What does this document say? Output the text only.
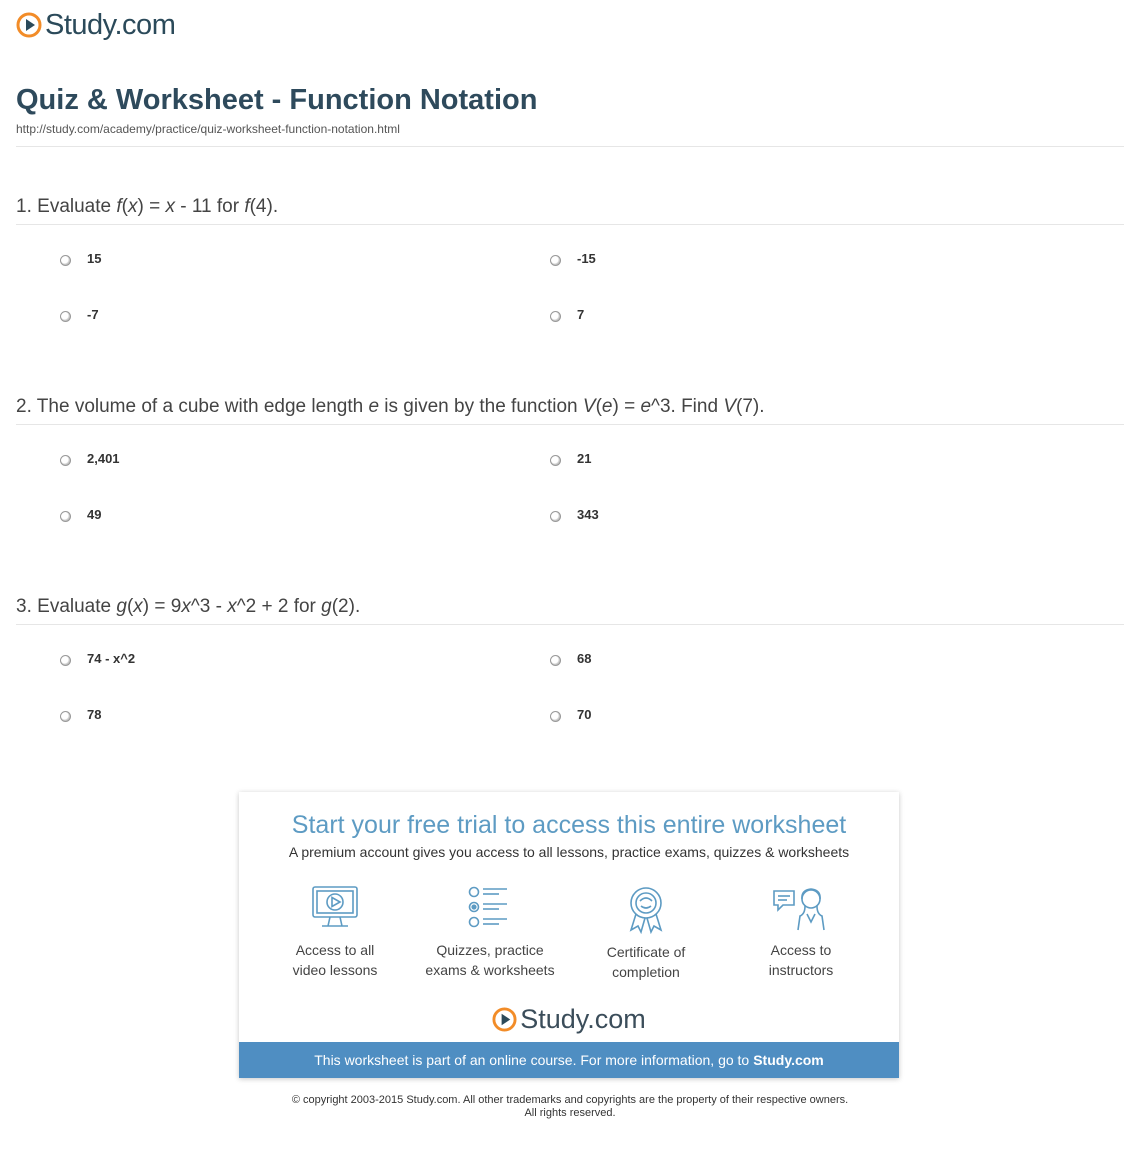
Study.com
Quiz & Worksheet - Function Notation
http://study.com/academy/practice/quiz-worksheet-function-notation.html
1. Evaluate f(x) = x - 11 for f(4).
15	-15
-7	7
2. The volume of a cube with edge length e is given by the function V(e) = e^3. Find V(7).
2,401	21
49	343
3. Evaluate g(x) = 9x^3 - x^2 + 2 for g(2).
74 - x^2	68
78	70
Start your free trial to access this entire worksheet
A premium account gives you access to all lessons, practice exams, quizzes & worksheets
Access to all
video lessons
Quizzes, practice
exams & worksheets
Certificate of
completion
Access to
instructors
Study.com
This worksheet is part of an online course. For more information, go to Study.com
© copyright 2003-2015 Study.com. All other trademarks and copyrights are the property of their respective owners.
All rights reserved.
